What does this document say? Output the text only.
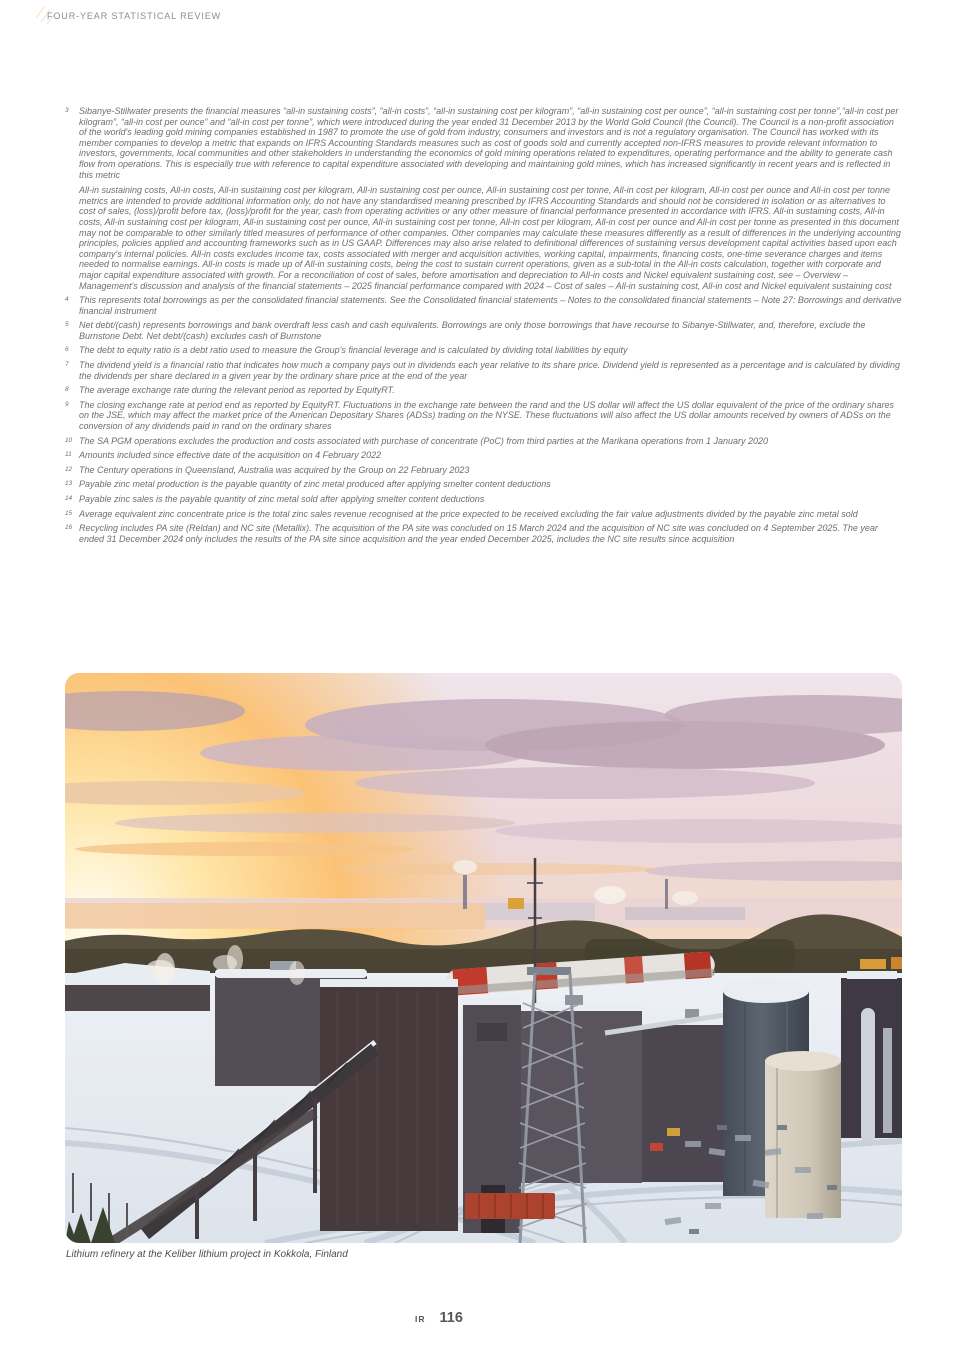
FOUR-YEAR STATISTICAL REVIEW
3	Sibanye-Stillwater presents the financial measures “all-in sustaining costs”, “all-in costs”, “all-in sustaining cost per kilogram”, “all-in sustaining cost per ounce”, “all-in sustaining cost per tonne”,“all-in cost per kilogram”, “all-in cost per ounce” and “all-in cost per tonne”, which were introduced during the year ended 31 December 2013 by the World Gold Council (the Council). The Council is a non-profit association of the world's leading gold mining companies established in 1987 to promote the use of gold from industry, consumers and investors and is not a regulatory organisation. The Council has worked with its member companies to develop a metric that expands on IFRS Accounting Standards measures such as cost of goods sold and currently accepted non-IFRS measures to provide relevant information to investors, governments, local communities and other stakeholders in understanding the economics of gold mining operations related to expenditures, operating performance and the ability to generate cash flow from operations. This is especially true with reference to capital expenditure associated with developing and maintaining gold mines, which has increased significantly in recent years and is reflected in this metric

All-in sustaining costs, All-in costs, All-in sustaining cost per kilogram, All-in sustaining cost per ounce, All-in sustaining cost per tonne, All-in cost per kilogram, All-in cost per ounce and All-in cost per tonne metrics are intended to provide additional information only, do not have any standardised meaning prescribed by IFRS Accounting Standards and should not be considered in isolation or as alternatives to cost of sales, (loss)/profit before tax, (loss)/profit for the year, cash from operating activities or any other measure of financial performance presented in accordance with IFRS. All-in sustaining costs, All-in costs, All-in sustaining cost per kilogram, All-in sustaining cost per ounce, All-in sustaining cost per tonne, All-in cost per kilogram, All-in cost per ounce and All-in cost per tonne as presented in this document may not be comparable to other similarly titled measures of performance of other companies. Other companies may calculate these measures differently as a result of differences in the underlying accounting principles, policies applied and accounting frameworks such as in US GAAP. Differences may also arise related to definitional differences of sustaining versus development capital activities based upon each company's internal policies. All-in costs excludes income tax, costs associated with merger and acquisition activities, working capital, impairments, financing costs, one-time severance charges and items needed to normalise earnings. All-in costs is made up of All-in sustaining costs, being the cost to sustain current operations, given as a sub-total in the All-in costs calculation, together with corporate and major capital expenditure associated with growth. For a reconciliation of cost of sales, before amortisation and depreciation to All-in costs and Nickel equivalent sustaining cost, see – Overview – Management's discussion and analysis of the financial statements – 2025 financial performance compared with 2024 – Cost of sales – All-in sustaining cost, All-in cost and Nickel equivalent sustaining cost

4	This represents total borrowings as per the consolidated financial statements. See the Consolidated financial statements – Notes to the consolidated financial statements – Note 27: Borrowings and derivative financial instrument

5	Net debt/(cash) represents borrowings and bank overdraft less cash and cash equivalents. Borrowings are only those borrowings that have recourse to Sibanye-Stillwater, and, therefore, exclude the Burnstone Debt. Net debt/(cash) excludes cash of Burnstone

6	The debt to equity ratio is a debt ratio used to measure the Group's financial leverage and is calculated by dividing total liabilities by equity

7	The dividend yield is a financial ratio that indicates how much a company pays out in dividends each year relative to its share price. Dividend yield is represented as a percentage and is calculated by dividing the dividends per share declared in a given year by the ordinary share price at the end of the year

8	The average exchange rate during the relevant period as reported by EquityRT.

9	The closing exchange rate at period end as reported by EquityRT. Fluctuations in the exchange rate between the rand and the US dollar will affect the US dollar equivalent of the price of the ordinary shares on the JSE, which may affect the market price of the American Depositary Shares (ADSs) trading on the NYSE. These fluctuations will also affect the US dollar amounts received by owners of ADSs on the conversion of any dividends paid in rand on the ordinary shares

10 The SA PGM operations excludes the production and costs associated with purchase of concentrate (PoC) from third parties at the Marikana operations from 1 January 2020

11 Amounts included since effective date of the acquisition on 4 February 2022

12 The Century operations in Queensland, Australia was acquired by the Group on 22 February 2023

13 Payable zinc metal production is the payable quantity of zinc metal produced after applying smelter content deductions

14 Payable zinc sales is the payable quantity of zinc metal sold after applying smelter content deductions

15 Average equivalent zinc concentrate price is the total zinc sales revenue recognised at the price expected to be received excluding the fair value adjustments divided by the payable zinc metal sold

16 Recycling includes PA site (Reldan) and NC site (Metallix). The acquisition of the PA site was concluded on 15 March 2024 and the acquisition of NC site was concluded on 4 September 2025. The year ended 31 December 2024 only includes the results of the PA site since acquisition and the year ended December 2025, includes the NC site results since acquisition

Lithium refinery at the Keliber lithium project in Kokkola, Finland
IR 116
